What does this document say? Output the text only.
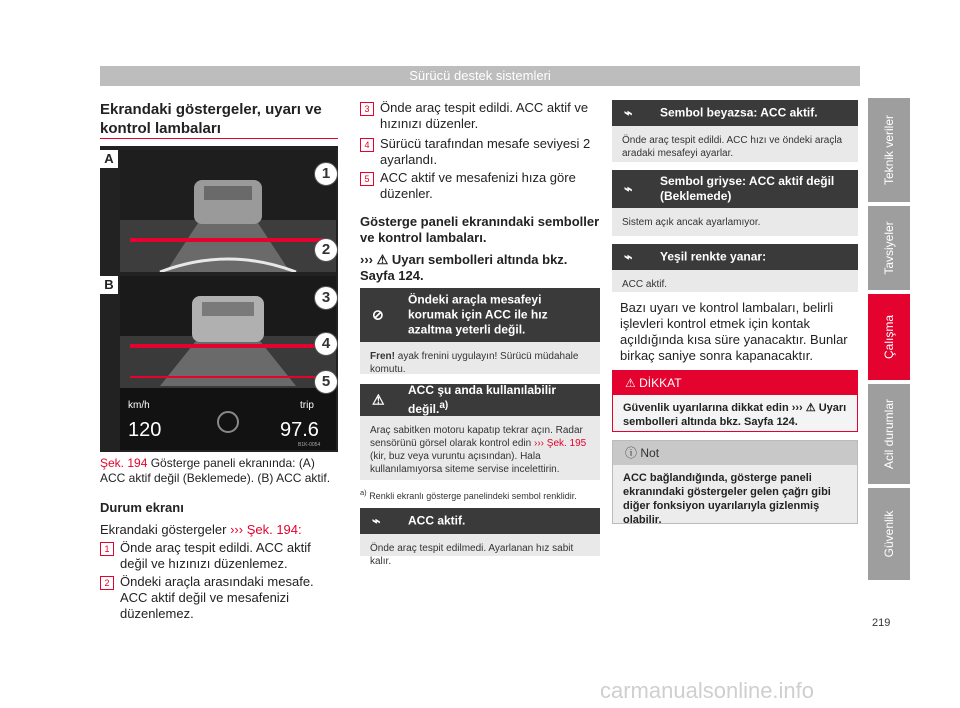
Sürücü destek sistemleri
Teknik veriler
Tavsiyeler
Çalışma
Acil durumlar
Güvenlik
219
carmanualsonline.info
Ekrandaki göstergeler, uyarı ve kontrol lambaları
A
B
km/h
120
trip
97.6
B1K-0054
1
2
3
4
5
Şek. 194 Gösterge paneli ekranında: (A) ACC aktif değil (Beklemede). (B) ACC aktif.
Durum ekranı
Ekrandaki göstergeler ››› Şek. 194:
1 Önde araç tespit edildi. ACC aktif değil ve hızınızı düzenlemez.
2 Öndeki araçla arasındaki mesafe. ACC aktif değil ve mesafenizi düzenlemez.
3 Önde araç tespit edildi. ACC aktif ve hızınızı düzenler.
4 Sürücü tarafından mesafe seviyesi 2 ayarlandı.
5 ACC aktif ve mesafenizi hıza göre düzenler.
Gösterge paneli ekranındaki semboller ve kontrol lambaları.
››› ⚠ Uyarı sembolleri altında bkz. Sayfa 124.
⊘
Öndeki araçla mesafeyi korumak için ACC ile hız azaltma yeterli değil.
Fren! ayak frenini uygulayın! Sürücü müdahale komutu.
⚠
ACC şu anda kullanılabilir değil.$^{a)}$
Araç sabitken motoru kapatıp tekrar açın. Radar sensörünü görsel olarak kontrol edin ››› Şek. 195 (kir, buz veya vuruntu açısından). Hala kullanılamıyorsa siteme servise incelettirin.
$^{a)}$ Renkli ekranlı gösterge panelindeki sembol renklidir.
⌁ ACC aktif.
Önde araç tespit edilmedi. Ayarlanan hız sabit kalır.
⌁ Sembol beyazsa: ACC aktif.
Önde araç tespit edildi. ACC hızı ve öndeki araçla aradaki mesafeyi ayarlar.
⌁ Sembol griyse: ACC aktif değil (Beklemede)
Sistem açık ancak ayarlamıyor.
⌁ Yeşil renkte yanar:
ACC aktif.
Bazı uyarı ve kontrol lambaları, belirli işlevleri kontrol etmek için kontak açıldığında kısa süre yanacaktır. Bunlar birkaç saniye sonra kapanacaktır.
⚠ DİKKAT
Güvenlik uyarılarına dikkat edin ››› ⚠ Uyarı sembolleri altında bkz. Sayfa 124.
ⓘ Not
ACC bağlandığında, gösterge paneli ekranındaki göstergeler gelen çağrı gibi diğer fonksiyon uyarılarıyla gizlenmiş olabilir.
